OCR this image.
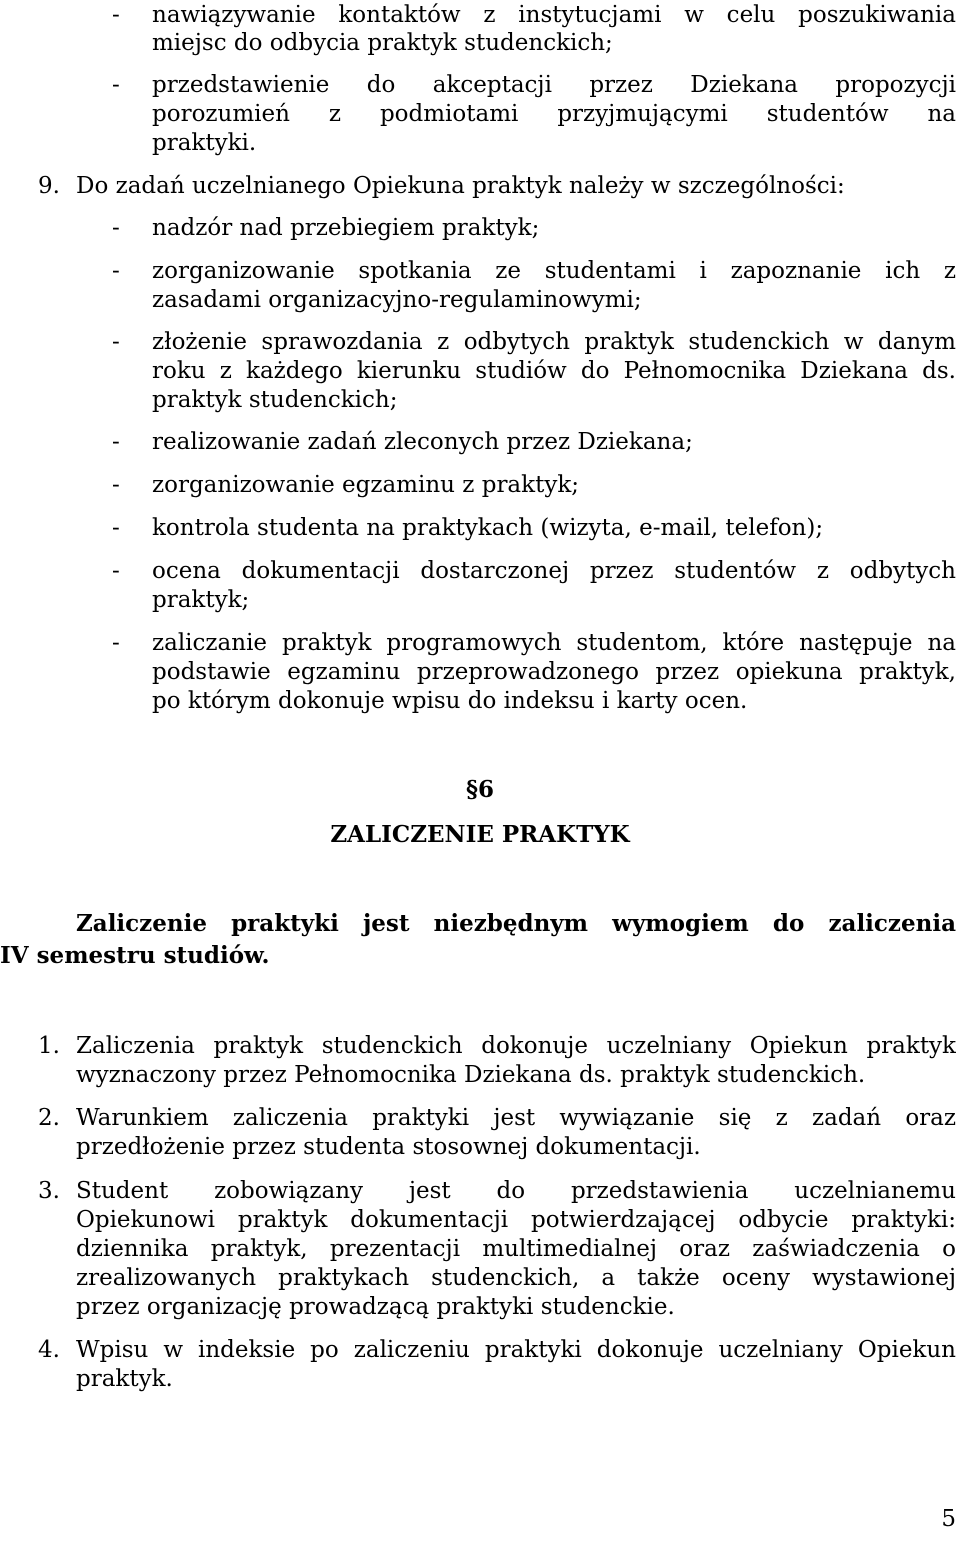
- nawiązywanie kontaktów z instytucjami w celu poszukiwania
miejsc do odbycia praktyk studenckich;
- przedstawienie do akceptacji przez Dziekana propozycji
porozumień z podmiotami przyjmującymi studentów na
praktyki.
9. Do zadań uczelnianego Opiekuna praktyk należy w szczególności:
- nadzór nad przebiegiem praktyk;
- zorganizowanie spotkania ze studentami i zapoznanie ich z
zasadami organizacyjno-regulaminowymi;
- złożenie sprawozdania z odbytych praktyk studenckich w danym
roku z każdego kierunku studiów do Pełnomocnika Dziekana ds.
praktyk studenckich;
- realizowanie zadań zleconych przez Dziekana;
- zorganizowanie egzaminu z praktyk;
- kontrola studenta na praktykach (wizyta, e-mail, telefon);
- ocena dokumentacji dostarczonej przez studentów z odbytych
praktyk;
- zaliczanie praktyk programowych studentom, które następuje na
podstawie egzaminu przeprowadzonego przez opiekuna praktyk,
po którym dokonuje wpisu do indeksu i karty ocen.
§6
ZALICZENIE PRAKTYK
Zaliczenie praktyki jest niezbędnym wymogiem do zaliczenia
IV semestru studiów.
1. Zaliczenia praktyk studenckich dokonuje uczelniany Opiekun praktyk
wyznaczony przez Pełnomocnika Dziekana ds. praktyk studenckich.
2. Warunkiem zaliczenia praktyki jest wywiązanie się z zadań oraz
przedłożenie przez studenta stosownej dokumentacji.
3. Student zobowiązany jest do przedstawienia uczelnianemu
Opiekunowi praktyk dokumentacji potwierdzającej odbycie praktyki:
dziennika praktyk, prezentacji multimedialnej oraz zaświadczenia o
zrealizowanych praktykach studenckich, a także oceny wystawionej
przez organizację prowadzącą praktyki studenckie.
4. Wpisu w indeksie po zaliczeniu praktyki dokonuje uczelniany Opiekun
praktyk.
5
